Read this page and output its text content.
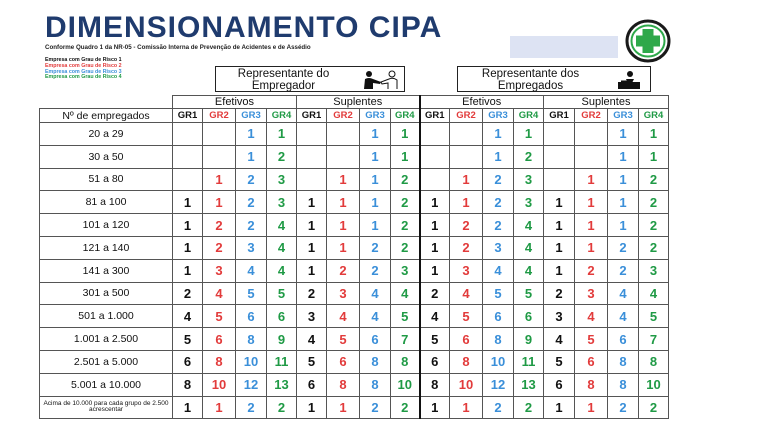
DIMENSIONAMENTO CIPA
Conforme Quadro 1 da NR-05 - Comissão Interna de Prevenção de Acidentes e de Assédio
Empresa com Grau de Risco 1
Empresa com Grau de Risco 2
Empresa com Grau de Risco 3
Empresa com Grau de Risco 4	Representante do Empregador
Representante dos Empregados
	Efetivos				Suplentes				Efetivos				Suplentes			
Nº de empregados	GR1	GR2	GR3	GR4	GR1	GR2	GR3	GR4	GR1	GR2	GR3	GR4	GR1	GR2	GR3	GR4
20 a 29			1	1			1	1			1	1			1	1
30 a 50			1	2			1	1			1	2			1	1
51 a 80		1	2	3		1	1	2		1	2	3		1	1	2
81 a 100	1	1	2	3	1	1	1	2	1	1	2	3	1	1	1	2
101 a 120	1	2	2	4	1	1	1	2	1	2	2	4	1	1	1	2
121 a 140	1	2	3	4	1	1	2	2	1	2	3	4	1	1	2	2
141 a 300	1	3	4	4	1	2	2	3	1	3	4	4	1	2	2	3
301 a 500	2	4	5	5	2	3	4	4	2	4	5	5	2	3	4	4
501 a 1.000	4	5	6	6	3	4	4	5	4	5	6	6	3	4	4	5
1.001 a 2.500	5	6	8	9	4	5	6	7	5	6	8	9	4	5	6	7
2.501 a 5.000	6	8	10	11	5	6	8	8	6	8	10	11	5	6	8	8
5.001 a 10.000	8	10	12	13	6	8	8	10	8	10	12	13	6	8	8	10
Acima de 10.000 para cada grupo de 2.500 acrescentar	1	1	2	2	1	1	2	2	1	1	2	2	1	1	2	2
